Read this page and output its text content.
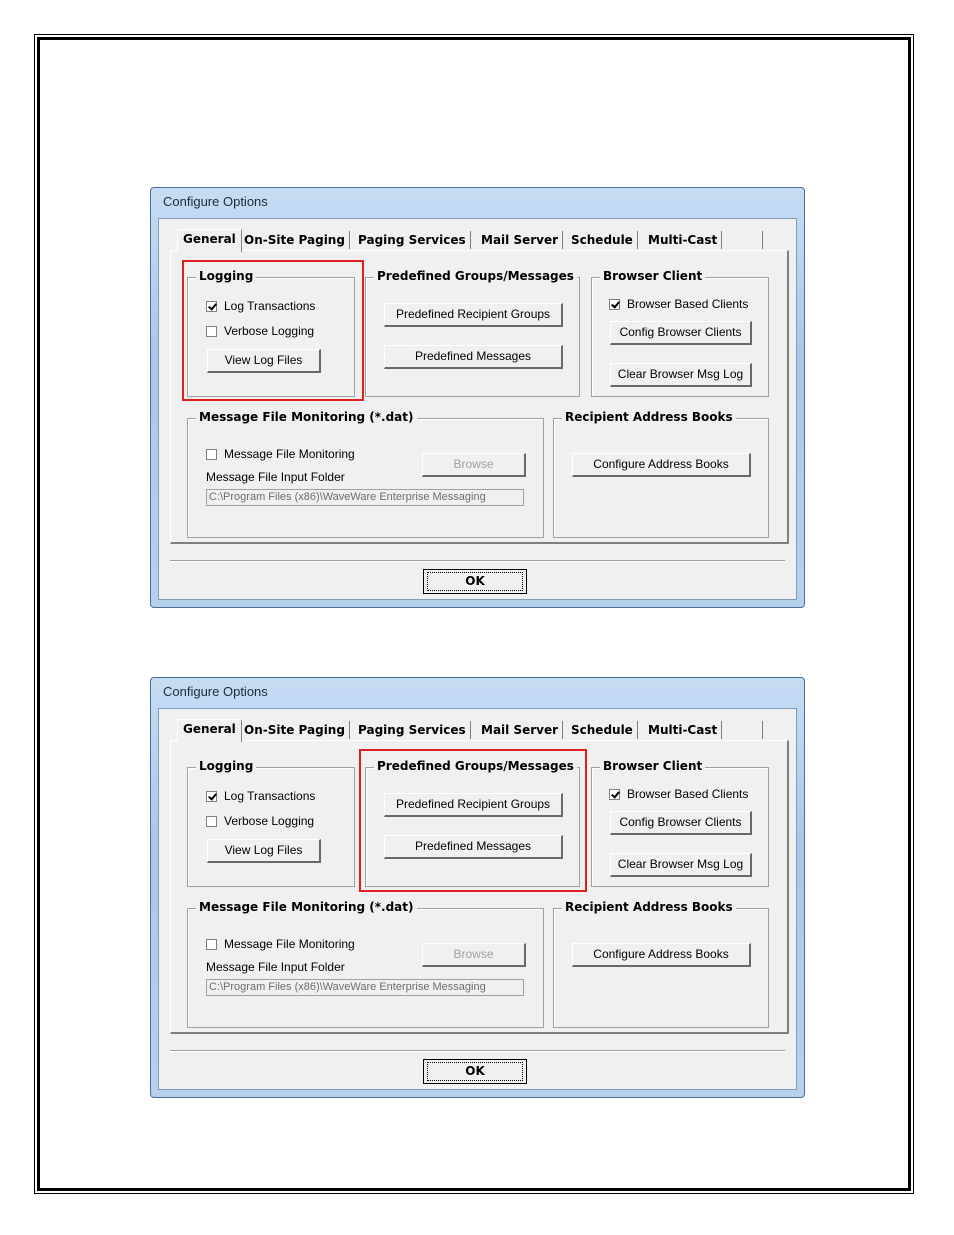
Configure Options
General On-Site Paging	Paging Services	Mail Server	Schedule	Multi-Cast
Logging
Log Transactions
Verbose Logging
View Log Files
Predefined Groups/Messages
Predefined Recipient Groups
Predefined Messages
Browser Client
Browser Based Clients
Config Browser Clients
Clear Browser Msg Log
Message File Monitoring (*.dat)
Message File Monitoring
Browse
Message File Input Folder
C:\Program Files (x86)\WaveWare Enterprise Messaging
Recipient Address Books
Configure Address Books
OK
Configure Options
General On-Site Paging	Paging Services	Mail Server	Schedule	Multi-Cast
Logging
Log Transactions
Verbose Logging
View Log Files
Predefined Groups/Messages
Predefined Recipient Groups
Predefined Messages
Browser Client
Browser Based Clients
Config Browser Clients
Clear Browser Msg Log
Message File Monitoring (*.dat)
Message File Monitoring
Browse
Message File Input Folder
C:\Program Files (x86)\WaveWare Enterprise Messaging
Recipient Address Books
Configure Address Books
OK
